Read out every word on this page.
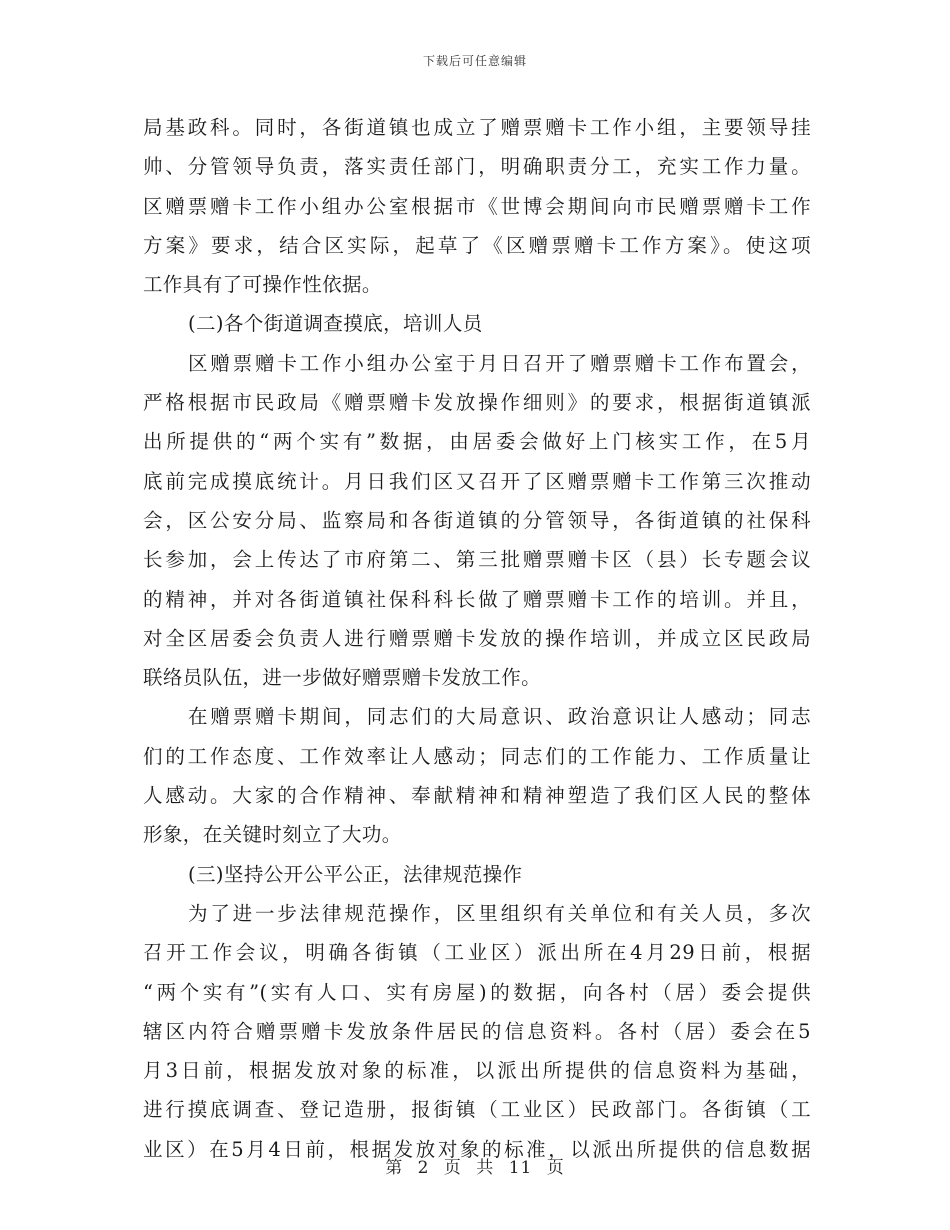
下载后可任意编辑
局基政科。同时，各街道镇也成立了赠票赠卡工作小组，主要领导挂
帅、分管领导负责，落实责任部门，明确职责分工，充实工作力量。
区赠票赠卡工作小组办公室根据市《世博会期间向市民赠票赠卡工作
方案》要求，结合区实际，起草了《区赠票赠卡工作方案》。使这项
工作具有了可操作性依据。
(二)各个街道调查摸底，培训人员
区赠票赠卡工作小组办公室于月日召开了赠票赠卡工作布置会，
严格根据市民政局《赠票赠卡发放操作细则》的要求，根据街道镇派
出所提供的“两个实有”数据，由居委会做好上门核实工作，在5月
底前完成摸底统计。月日我们区又召开了区赠票赠卡工作第三次推动
会，区公安分局、监察局和各街道镇的分管领导，各街道镇的社保科
长参加，会上传达了市府第二、第三批赠票赠卡区（县）长专题会议
的精神，并对各街道镇社保科科长做了赠票赠卡工作的培训。并且，
对全区居委会负责人进行赠票赠卡发放的操作培训，并成立区民政局
联络员队伍，进一步做好赠票赠卡发放工作。
在赠票赠卡期间，同志们的大局意识、政治意识让人感动；同志
们的工作态度、工作效率让人感动；同志们的工作能力、工作质量让
人感动。大家的合作精神、奉献精神和精神塑造了我们区人民的整体
形象，在关键时刻立了大功。
(三)坚持公开公平公正，法律规范操作
为了进一步法律规范操作，区里组织有关单位和有关人员，多次
召开工作会议，明确各街镇（工业区）派出所在4月29日前，根据
“两个实有”(实有人口、实有房屋)的数据，向各村（居）委会提供
辖区内符合赠票赠卡发放条件居民的信息资料。各村（居）委会在5
月3日前，根据发放对象的标准，以派出所提供的信息资料为基础，
进行摸底调查、登记造册，报街镇（工业区）民政部门。各街镇（工
业区）在5月4日前，根据发放对象的标准，以派出所提供的信息数据
第 2 页 共 11 页
